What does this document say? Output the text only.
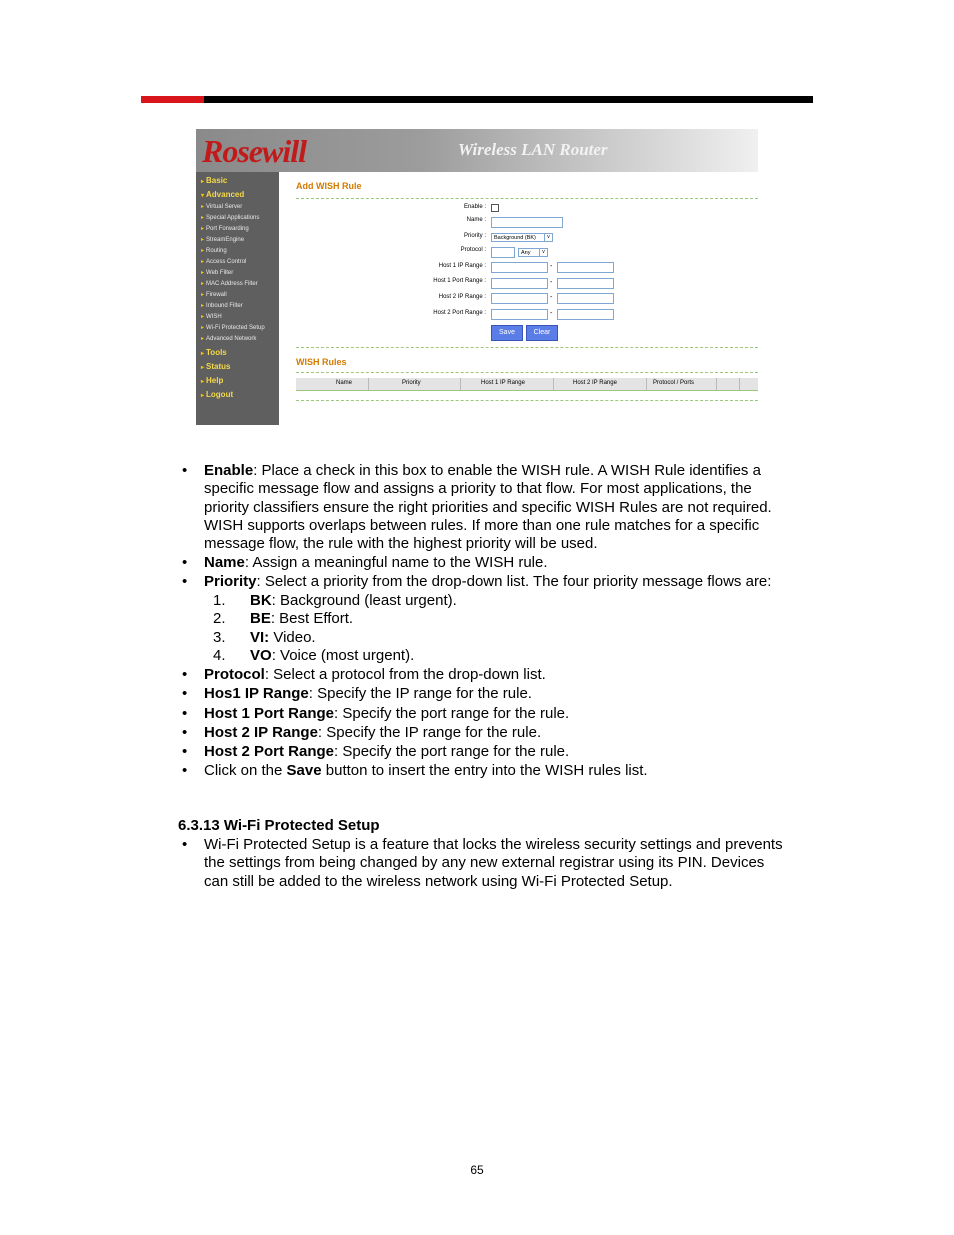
Rosewill	Wireless LAN Router
▸ Basic
▾ Advanced
▸ Virtual Server
▸ Special Applications
▸ Port Forwarding
▸ StreamEngine
▸ Routing
▸ Access Control
▸ Web Filter
▸ MAC Address Filter
▸ Firewall
▸ Inbound Filter
▸ WISH
▸ Wi-Fi Protected Setup
▸ Advanced Network
▸ Tools
▸ Status
▸ Help
▸ Logout
Add WISH Rule
Enable :
Name :
Priority :	Background (BK)	v
Protocol :	Any	v
Host 1 IP Range :	-
Host 1 Port Range :	-
Host 2 IP Range :	-
Host 2 Port Range :	-
Save	Clear
WISH Rules
Name	Priority	Host 1 IP Range	Host 2 IP Range	Protocol / Ports
• Enable: Place a check in this box to enable the WISH rule. A WISH Rule identifies a
specific message flow and assigns a priority to that flow. For most applications, the
priority classifiers ensure the right priorities and specific WISH Rules are not required.
WISH supports overlaps between rules. If more than one rule matches for a specific
message flow, the rule with the highest priority will be used.
• Name: Assign a meaningful name to the WISH rule.
• Priority: Select a priority from the drop-down list. The four priority message flows are:
1. BK: Background (least urgent).
2. BE: Best Effort.
3. VI: Video.
4. VO: Voice (most urgent).
• Protocol: Select a protocol from the drop-down list.
• Hos1 IP Range: Specify the IP range for the rule.
• Host 1 Port Range: Specify the port range for the rule.
• Host 2 IP Range: Specify the IP range for the rule.
• Host 2 Port Range: Specify the port range for the rule.
• Click on the Save button to insert the entry into the WISH rules list.
6.3.13 Wi-Fi Protected Setup
• Wi-Fi Protected Setup is a feature that locks the wireless security settings and prevents
the settings from being changed by any new external registrar using its PIN. Devices
can still be added to the wireless network using Wi-Fi Protected Setup.
65
